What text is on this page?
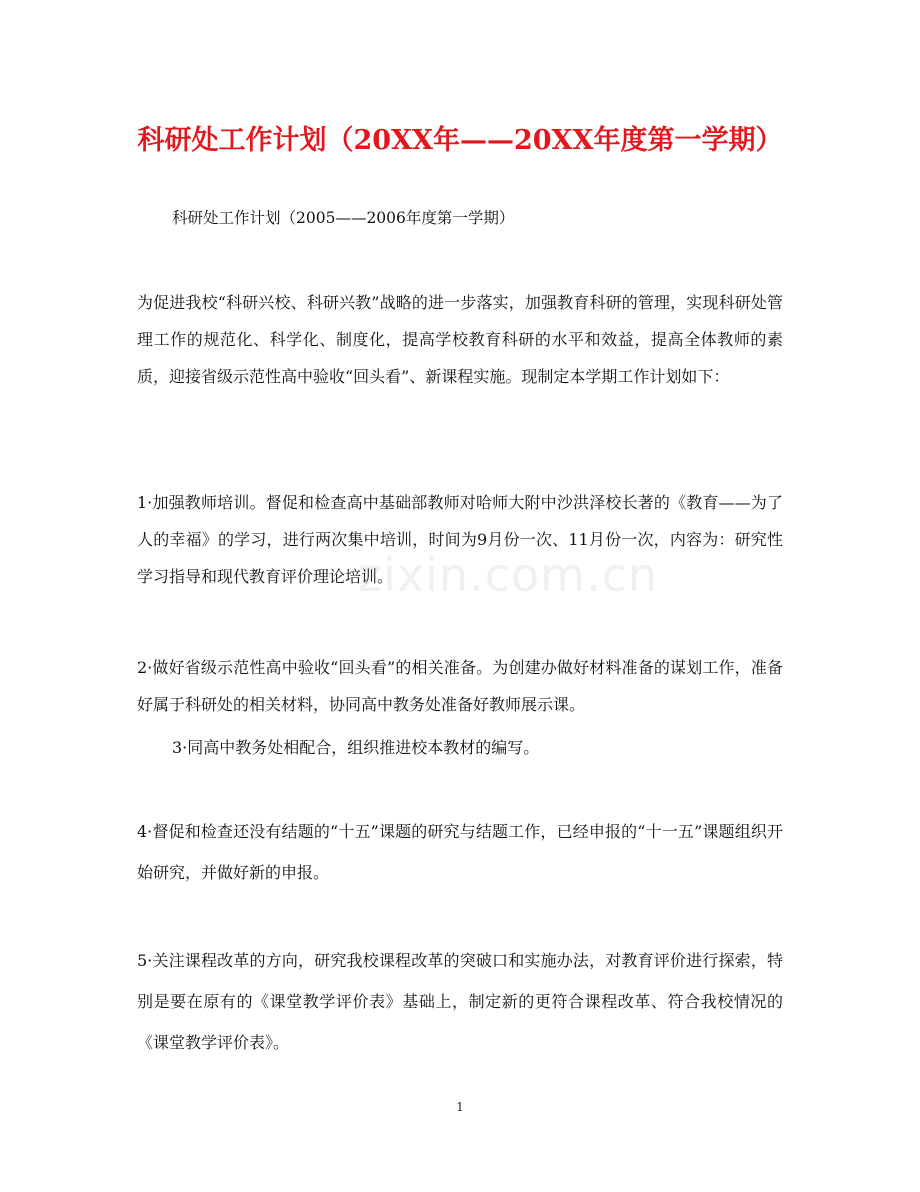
科研处工作计划（20XX年——20XX年度第一学期）
科研处工作计划（2005——2006年度第一学期）
为促进我校“科研兴校、科研兴教”战略的进一步落实，加强教育科研的管理，实现科研处管理工作的规范化、科学化、制度化，提高学校教育科研的水平和效益，提高全体教师的素质，迎接省级示范性高中验收“回头看”、新课程实施。现制定本学期工作计划如下：
1·加强教师培训。督促和检查高中基础部教师对哈师大附中沙洪泽校长著的《教育——为了人的幸福》的学习，进行两次集中培训，时间为9月份一次、11月份一次，内容为：研究性学习指导和现代教育评价理论培训。
2·做好省级示范性高中验收“回头看”的相关准备。为创建办做好材料准备的谋划工作，准备好属于科研处的相关材料，协同高中教务处准备好教师展示课。
3·同高中教务处相配合，组织推进校本教材的编写。
4·督促和检查还没有结题的“十五”课题的研究与结题工作，已经申报的“十一五”课题组织开始研究，并做好新的申报。
5·关注课程改革的方向，研究我校课程改革的突破口和实施办法，对教育评价进行探索，特别是要在原有的《课堂教学评价表》基础上，制定新的更符合课程改革、符合我校情况的《课堂教学评价表》。
zixin.com.cn
1
